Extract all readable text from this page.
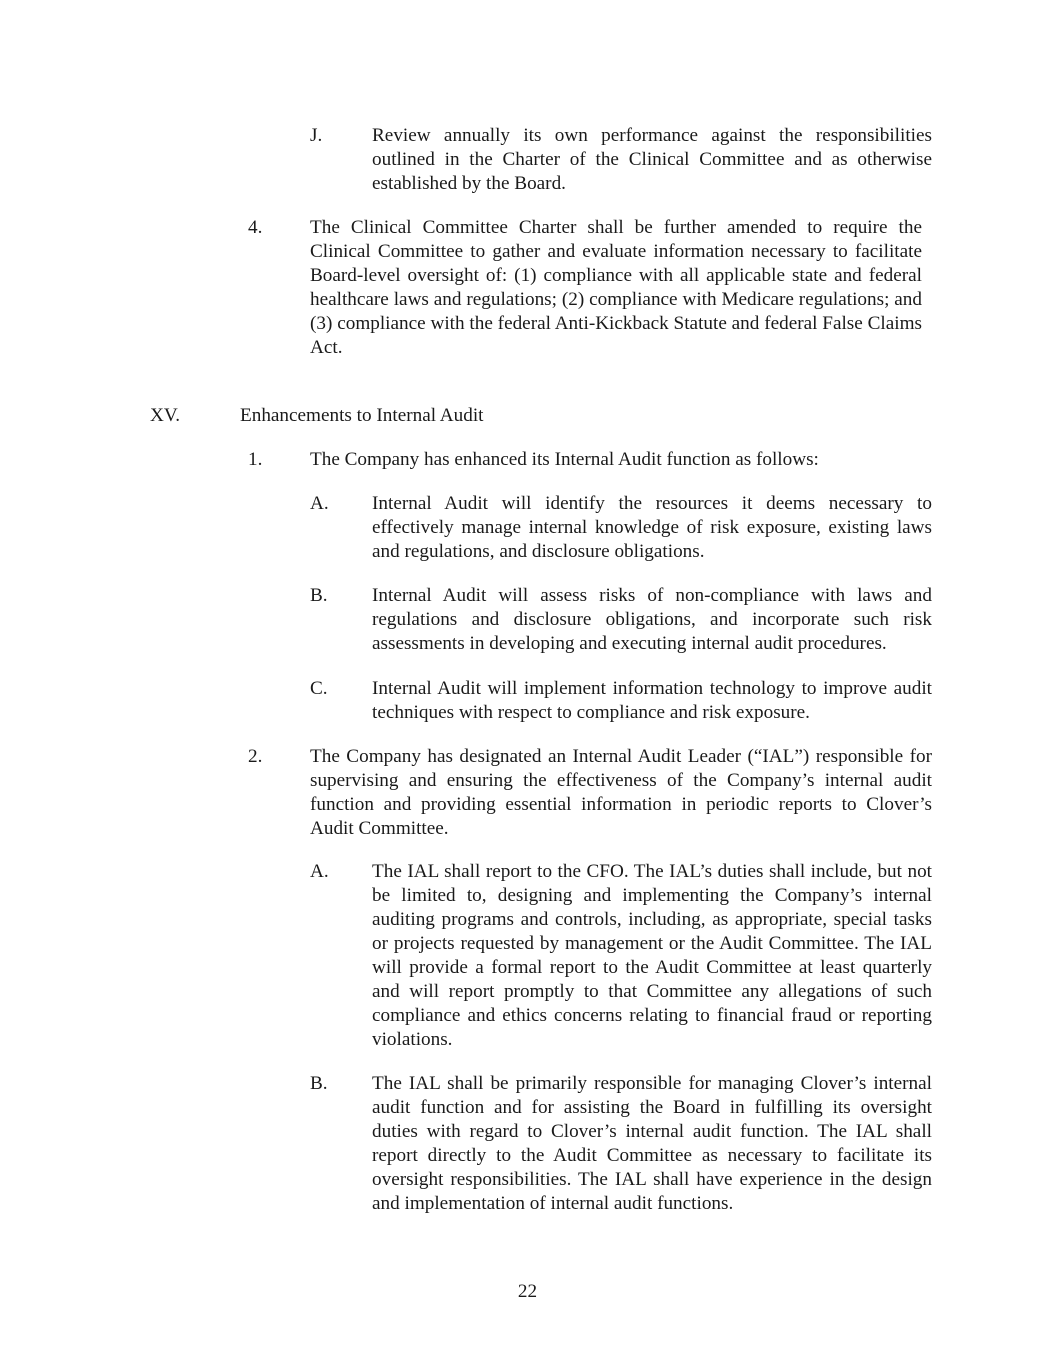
J.	Review annually its own performance against the responsibilities outlined in the Charter of the Clinical Committee and as otherwise established by the Board.
4. The Clinical Committee Charter shall be further amended to require the Clinical Committee to gather and evaluate information necessary to facilitate Board-level oversight of: (1) compliance with all applicable state and federal healthcare laws and regulations; (2) compliance with Medicare regulations; and (3) compliance with the federal Anti-Kickback Statute and federal False Claims Act.
XV.	Enhancements to Internal Audit
1. The Company has enhanced its Internal Audit function as follows:
A. Internal Audit will identify the resources it deems necessary to effectively manage internal knowledge of risk exposure, existing laws and regulations, and disclosure obligations.
B. Internal Audit will assess risks of non-compliance with laws and regulations and disclosure obligations, and incorporate such risk assessments in developing and executing internal audit procedures.
C. Internal Audit will implement information technology to improve audit techniques with respect to compliance and risk exposure.
2. The Company has designated an Internal Audit Leader (“IAL”) responsible for supervising and ensuring the effectiveness of the Company’s internal audit function and providing essential information in periodic reports to Clover’s Audit Committee.
A. The IAL shall report to the CFO. The IAL’s duties shall include, but not be limited to, designing and implementing the Company’s internal auditing programs and controls, including, as appropriate, special tasks or projects requested by management or the Audit Committee. The IAL will provide a formal report to the Audit Committee at least quarterly and will report promptly to that Committee any allegations of such compliance and ethics concerns relating to financial fraud or reporting violations.
B. The IAL shall be primarily responsible for managing Clover’s internal audit function and for assisting the Board in fulfilling its oversight duties with regard to Clover’s internal audit function. The IAL shall report directly to the Audit Committee as necessary to facilitate its oversight responsibilities. The IAL shall have experience in the design and implementation of internal audit functions.
22
